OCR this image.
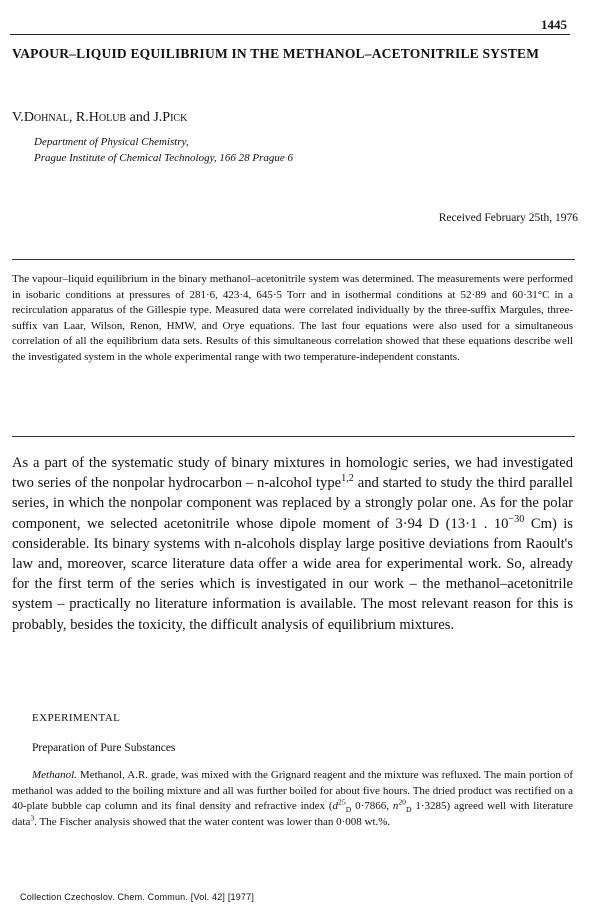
1445
VAPOUR–LIQUID EQUILIBRIUM IN THE METHANOL–ACETONITRILE SYSTEM
V.Dohnal, R.Holub and J.Pick
Department of Physical Chemistry,
Prague Institute of Chemical Technology, 166 28 Prague 6
Received February 25th, 1976
The vapour–liquid equilibrium in the binary methanol–acetonitrile system was determined. The measurements were performed in isobaric conditions at pressures of 281·6, 423·4, 645·5 Torr and in isothermal conditions at 52·89 and 60·31°C in a recirculation apparatus of the Gillespie type. Measured data were correlated individually by the three-suffix Margules, three-suffix van Laar, Wilson, Renon, HMW, and Orye equations. The last four equations were also used for a simultaneous correlation of all the equilibrium data sets. Results of this simultaneous correlation showed that these equations describe well the investigated system in the whole experimental range with two temperature-independent constants.
As a part of the systematic study of binary mixtures in homologic series, we had investigated two series of the nonpolar hydrocarbon – n-alcohol type$^{1,2}$ and started to study the third parallel series, in which the nonpolar component was replaced by a strongly polar one. As for the polar component, we selected acetonitrile whose dipole moment of 3·94 D (13·1 . $10^{-30}$ Cm) is considerable. Its binary systems with n-alcohols display large positive deviations from Raoult's law and, moreover, scarce literature data offer a wide area for experimental work. So, already for the first term of the series which is investigated in our work – the methanol–acetonitrile system – practically no literature information is available. The most relevant reason for this is probably, besides the toxicity, the difficult analysis of equilibrium mixtures.
EXPERIMENTAL
Preparation of Pure Substances
Methanol. Methanol, A.R. grade, was mixed with the Grignard reagent and the mixture was refluxed. The main portion of methanol was added to the boiling mixture and all was further boiled for about five hours. The dried product was rectified on a 40-plate bubble cap column and its final density and refractive index ($d^{25}_D$ 0·7866, $n^{20}_D$ 1·3285) agreed well with literature data$^3$. The Fischer analysis showed that the water content was lower than 0·008 wt.%.
Collection Czechoslov. Chem. Commun. [Vol. 42] [1977]
